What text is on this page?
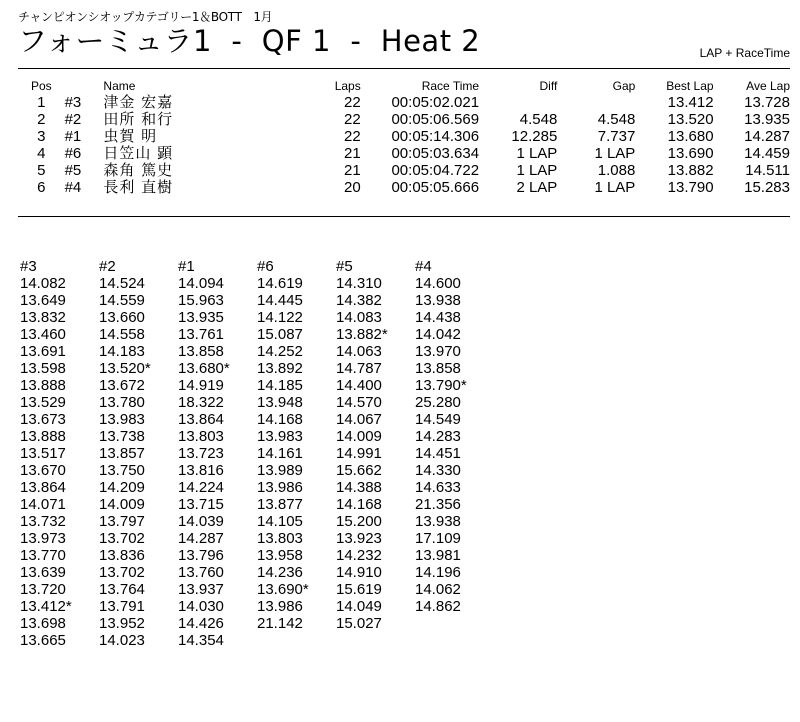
チャンピオンシオップカテゴリー1＆BOTT　1月
フォーミュラ1  -  QF 1  -  Heat 2	LAP + RaceTime
Pos		Name	Laps	Race Time	Diff	Gap	Best Lap	Ave Lap
1	#3	津金 宏嘉	22	00:05:02.021			13.412	13.728
2	#2	田所 和行	22	00:05:06.569	4.548	4.548	13.520	13.935
3	#1	虫賀 明	22	00:05:14.306	12.285	7.737	13.680	14.287
4	#6	日笠山 顕	21	00:05:03.634	1 LAP	1 LAP	13.690	14.459
5	#5	森角 篤史	21	00:05:04.722	1 LAP	1.088	13.882	14.511
6	#4	長利 直樹	20	00:05:05.666	2 LAP	1 LAP	13.790	15.283
#3	#2	#1	#6	#5	#4
14.082	14.524	14.094	14.619	14.310	14.600
13.649	14.559	15.963	14.445	14.382	13.938
13.832	13.660	13.935	14.122	14.083	14.438
13.460	14.558	13.761	15.087	13.882*	14.042
13.691	14.183	13.858	14.252	14.063	13.970
13.598	13.520*	13.680*	13.892	14.787	13.858
13.888	13.672	14.919	14.185	14.400	13.790*
13.529	13.780	18.322	13.948	14.570	25.280
13.673	13.983	13.864	14.168	14.067	14.549
13.888	13.738	13.803	13.983	14.009	14.283
13.517	13.857	13.723	14.161	14.991	14.451
13.670	13.750	13.816	13.989	15.662	14.330
13.864	14.209	14.224	13.986	14.388	14.633
14.071	14.009	13.715	13.877	14.168	21.356
13.732	13.797	14.039	14.105	15.200	13.938
13.973	13.702	14.287	13.803	13.923	17.109
13.770	13.836	13.796	13.958	14.232	13.981
13.639	13.702	13.760	14.236	14.910	14.196
13.720	13.764	13.937	13.690*	15.619	14.062
13.412*	13.791	14.030	13.986	14.049	14.862
13.698	13.952	14.426	21.142	15.027	
13.665	14.023	14.354			
